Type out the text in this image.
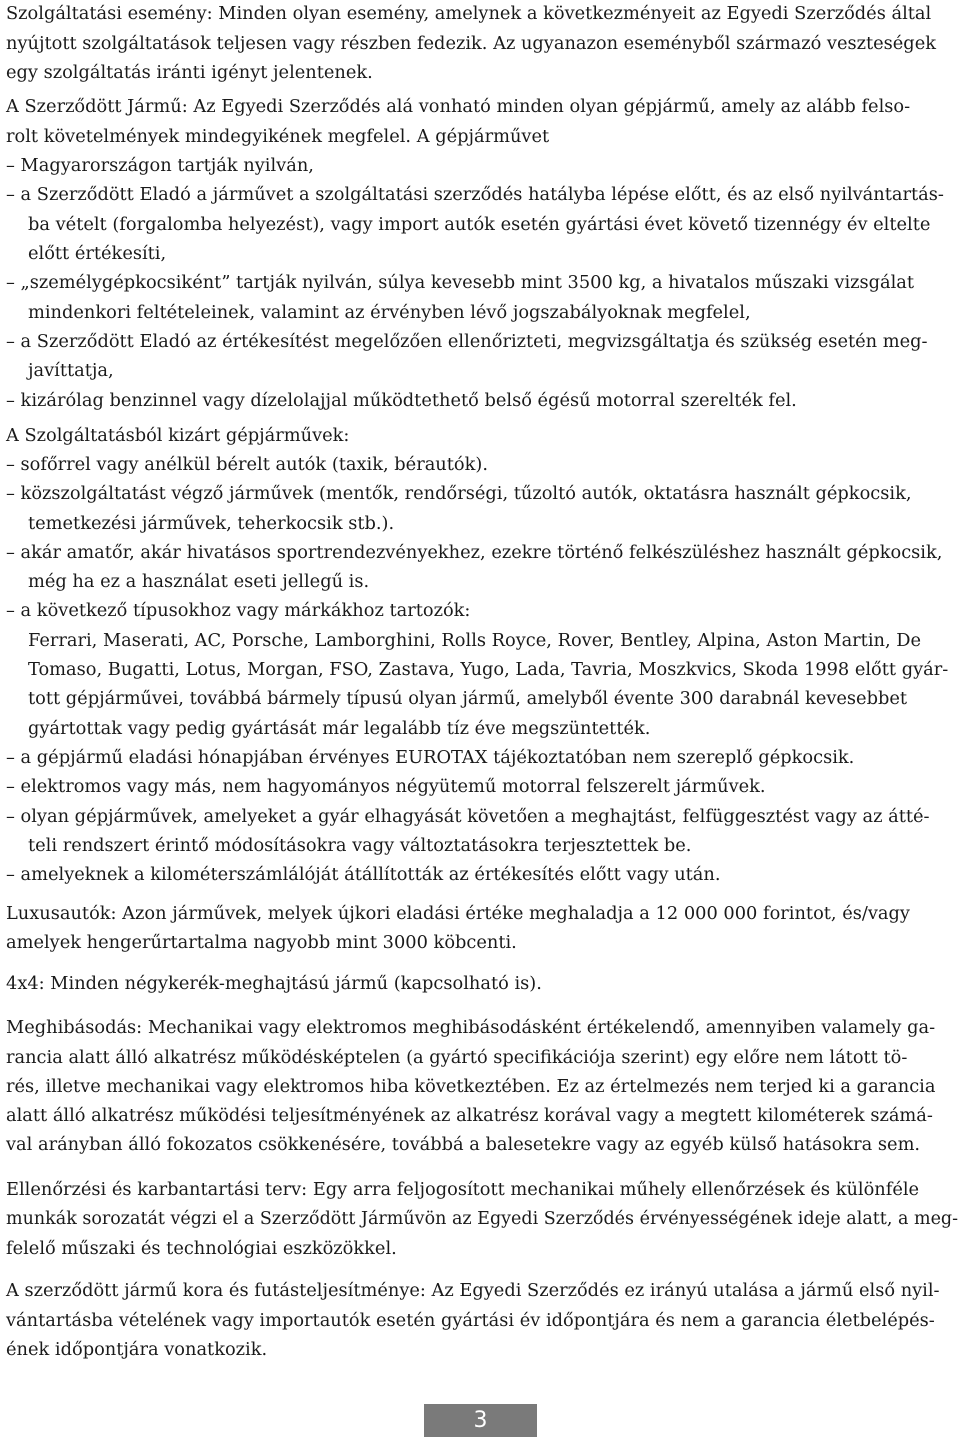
Szolgáltatási esemény: Minden olyan esemény, amelynek a következményeit az Egyedi Szerződés által
nyújtott szolgáltatások teljesen vagy részben fedezik. Az ugyanazon eseményből származó veszteségek
egy szolgáltatás iránti igényt jelentenek.
A Szerződött Jármű: Az Egyedi Szerződés alá vonható minden olyan gépjármű, amely az alább felso-
rolt követelmények mindegyikének megfelel. A gépjárművet
– Magyarországon tartják nyilván,
– a Szerződött Eladó a járművet a szolgáltatási szerződés hatályba lépése előtt, és az első nyilvántartás-
ba vételt (forgalomba helyezést), vagy import autók esetén gyártási évet követő tizennégy év eltelte
előtt értékesíti,
– „személygépkocsiként” tartják nyilván, súlya kevesebb mint 3500 kg, a hivatalos műszaki vizsgálat
mindenkori feltételeinek, valamint az érvényben lévő jogszabályoknak megfelel,
– a Szerződött Eladó az értékesítést megelőzően ellenőrizteti, megvizsgáltatja és szükség esetén meg-
javíttatja,
– kizárólag benzinnel vagy dízelolajjal működtethető belső égésű motorral szerelték fel.
A Szolgáltatásból kizárt gépjárművek:
– sofőrrel vagy anélkül bérelt autók (taxik, bérautók).
– közszolgáltatást végző járművek (mentők, rendőrségi, tűzoltó autók, oktatásra használt gépkocsik,
temetkezési járművek, teherkocsik stb.).
– akár amatőr, akár hivatásos sportrendezvényekhez, ezekre történő felkészüléshez használt gépkocsik,
még ha ez a használat eseti jellegű is.
– a következő típusokhoz vagy márkákhoz tartozók:
Ferrari, Maserati, AC, Porsche, Lamborghini, Rolls Royce, Rover, Bentley, Alpina, Aston Martin, De
Tomaso, Bugatti, Lotus, Morgan, FSO, Zastava, Yugo, Lada, Tavria, Moszkvics, Skoda 1998 előtt gyár-
tott gépjárművei, továbbá bármely típusú olyan jármű, amelyből évente 300 darabnál kevesebbet
gyártottak vagy pedig gyártását már legalább tíz éve megszüntették.
– a gépjármű eladási hónapjában érvényes EUROTAX tájékoztatóban nem szereplő gépkocsik.
– elektromos vagy más, nem hagyományos négyütemű motorral felszerelt járművek.
– olyan gépjárművek, amelyeket a gyár elhagyását követően a meghajtást, felfüggesztést vagy az átté-
teli rendszert érintő módosításokra vagy változtatásokra terjesztettek be.
– amelyeknek a kilométerszámlálóját átállították az értékesítés előtt vagy után.
Luxusautók: Azon járművek, melyek újkori eladási értéke meghaladja a 12 000 000 forintot, és/vagy
amelyek hengerűrtartalma nagyobb mint 3000 köbcenti.
4x4: Minden négykerék-meghajtású jármű (kapcsolható is).
Meghibásodás: Mechanikai vagy elektromos meghibásodásként értékelendő, amennyiben valamely ga-
rancia alatt álló alkatrész működésképtelen (a gyártó specifikációja szerint) egy előre nem látott tö-
rés, illetve mechanikai vagy elektromos hiba következtében. Ez az értelmezés nem terjed ki a garancia
alatt álló alkatrész működési teljesítményének az alkatrész korával vagy a megtett kilométerek számá-
val arányban álló fokozatos csökkenésére, továbbá a balesetekre vagy az egyéb külső hatásokra sem.
Ellenőrzési és karbantartási terv: Egy arra feljogosított mechanikai műhely ellenőrzések és különféle
munkák sorozatát végzi el a Szerződött Járművön az Egyedi Szerződés érvényességének ideje alatt, a meg-
felelő műszaki és technológiai eszközökkel.
A szerződött jármű kora és futásteljesítménye: Az Egyedi Szerződés ez irányú utalása a jármű első nyil-
vántartásba vételének vagy importautók esetén gyártási év időpontjára és nem a garancia életbelépés-
ének időpontjára vonatkozik.
3
